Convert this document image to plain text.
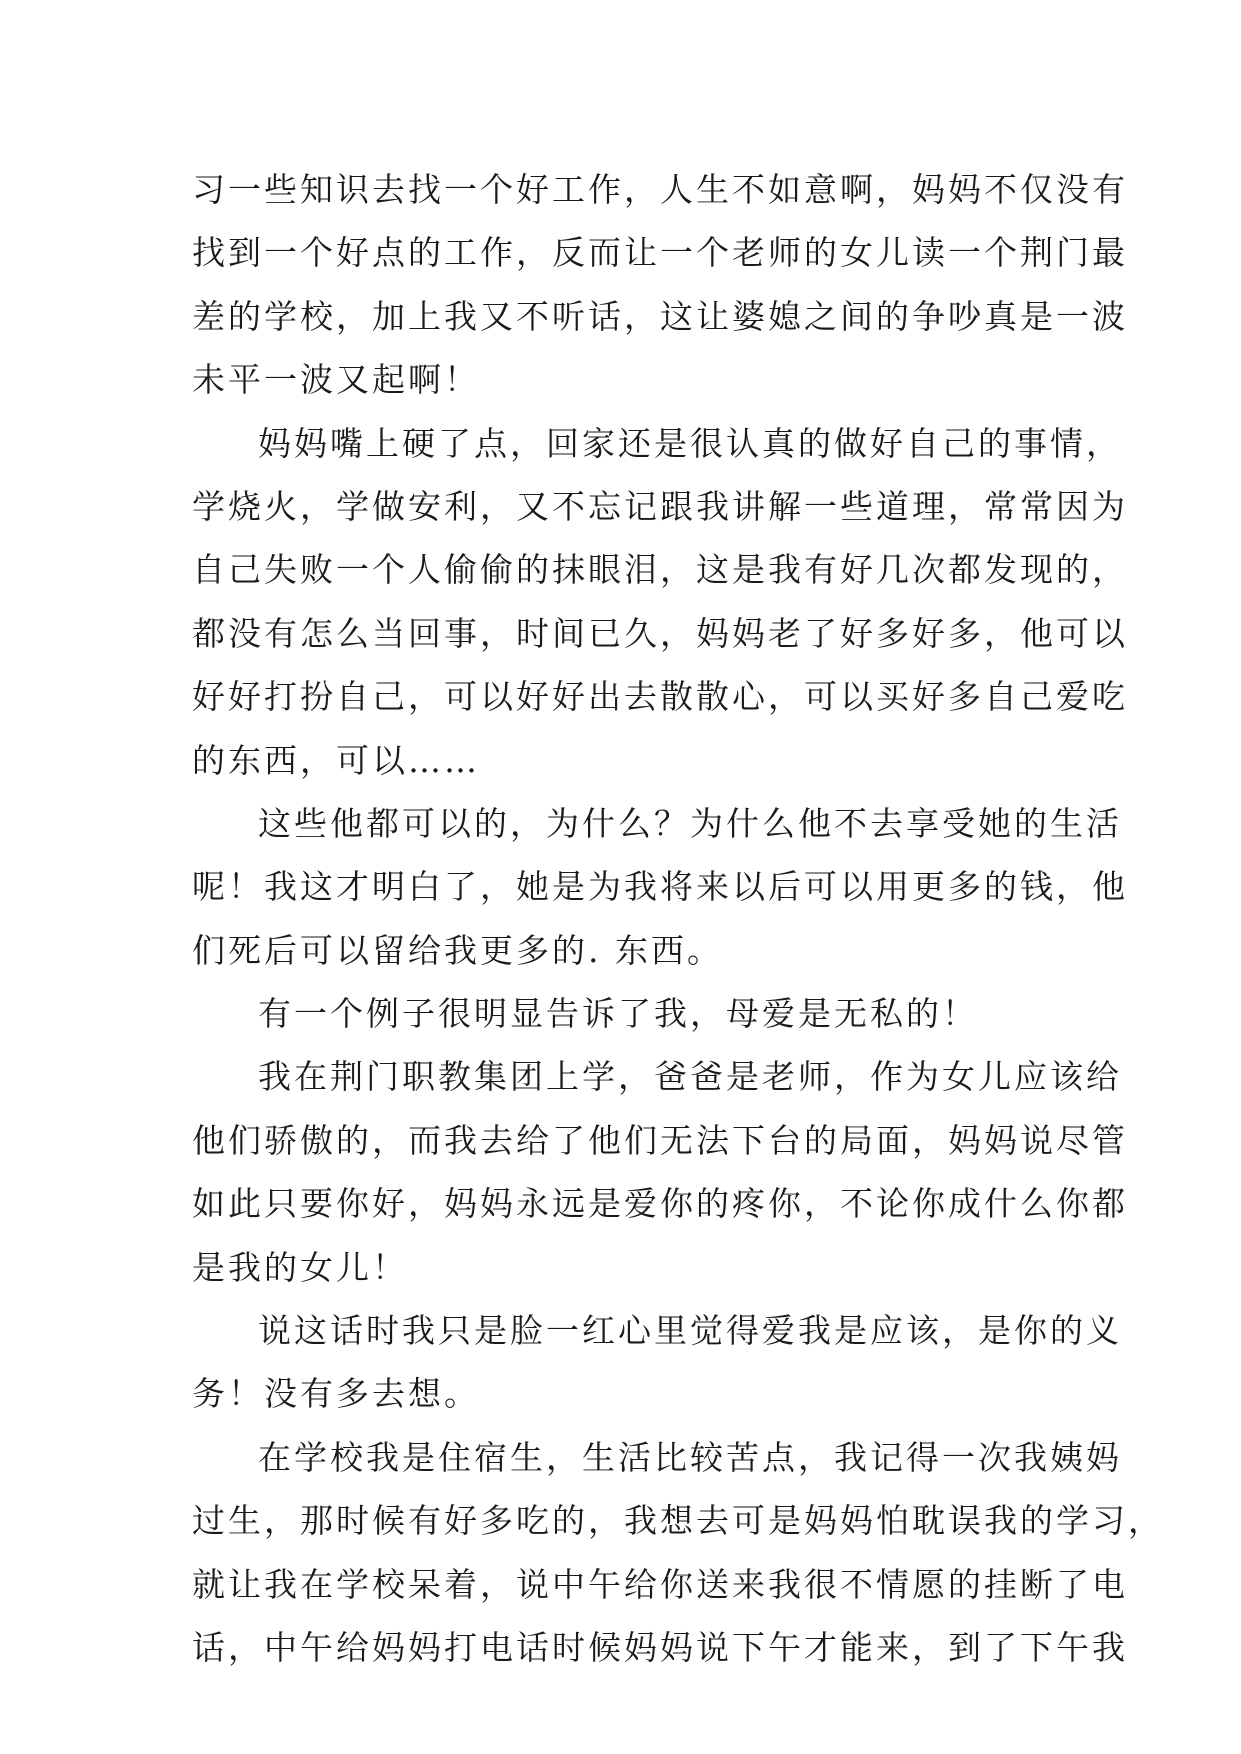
习一些知识去找一个好工作，人生不如意啊，妈妈不仅没有
找到一个好点的工作，反而让一个老师的女儿读一个荆门最
差的学校，加上我又不听话，这让婆媳之间的争吵真是一波
未平一波又起啊！
妈妈嘴上硬了点，回家还是很认真的做好自己的事情，
学烧火，学做安利，又不忘记跟我讲解一些道理，常常因为
自己失败一个人偷偷的抹眼泪，这是我有好几次都发现的，
都没有怎么当回事，时间已久，妈妈老了好多好多，他可以
好好打扮自己，可以好好出去散散心，可以买好多自己爱吃
的东西，可以……
这些他都可以的，为什么？为什么他不去享受她的生活
呢！我这才明白了，她是为我将来以后可以用更多的钱，他
们死后可以留给我更多的. 东西。
有一个例子很明显告诉了我，母爱是无私的！
我在荆门职教集团上学，爸爸是老师，作为女儿应该给
他们骄傲的，而我去给了他们无法下台的局面，妈妈说尽管
如此只要你好，妈妈永远是爱你的疼你，不论你成什么你都
是我的女儿！
说这话时我只是脸一红心里觉得爱我是应该，是你的义
务！没有多去想。
在学校我是住宿生，生活比较苦点，我记得一次我姨妈
过生，那时候有好多吃的，我想去可是妈妈怕耽误我的学习，
就让我在学校呆着，说中午给你送来我很不情愿的挂断了电
话，中午给妈妈打电话时候妈妈说下午才能来，到了下午我
